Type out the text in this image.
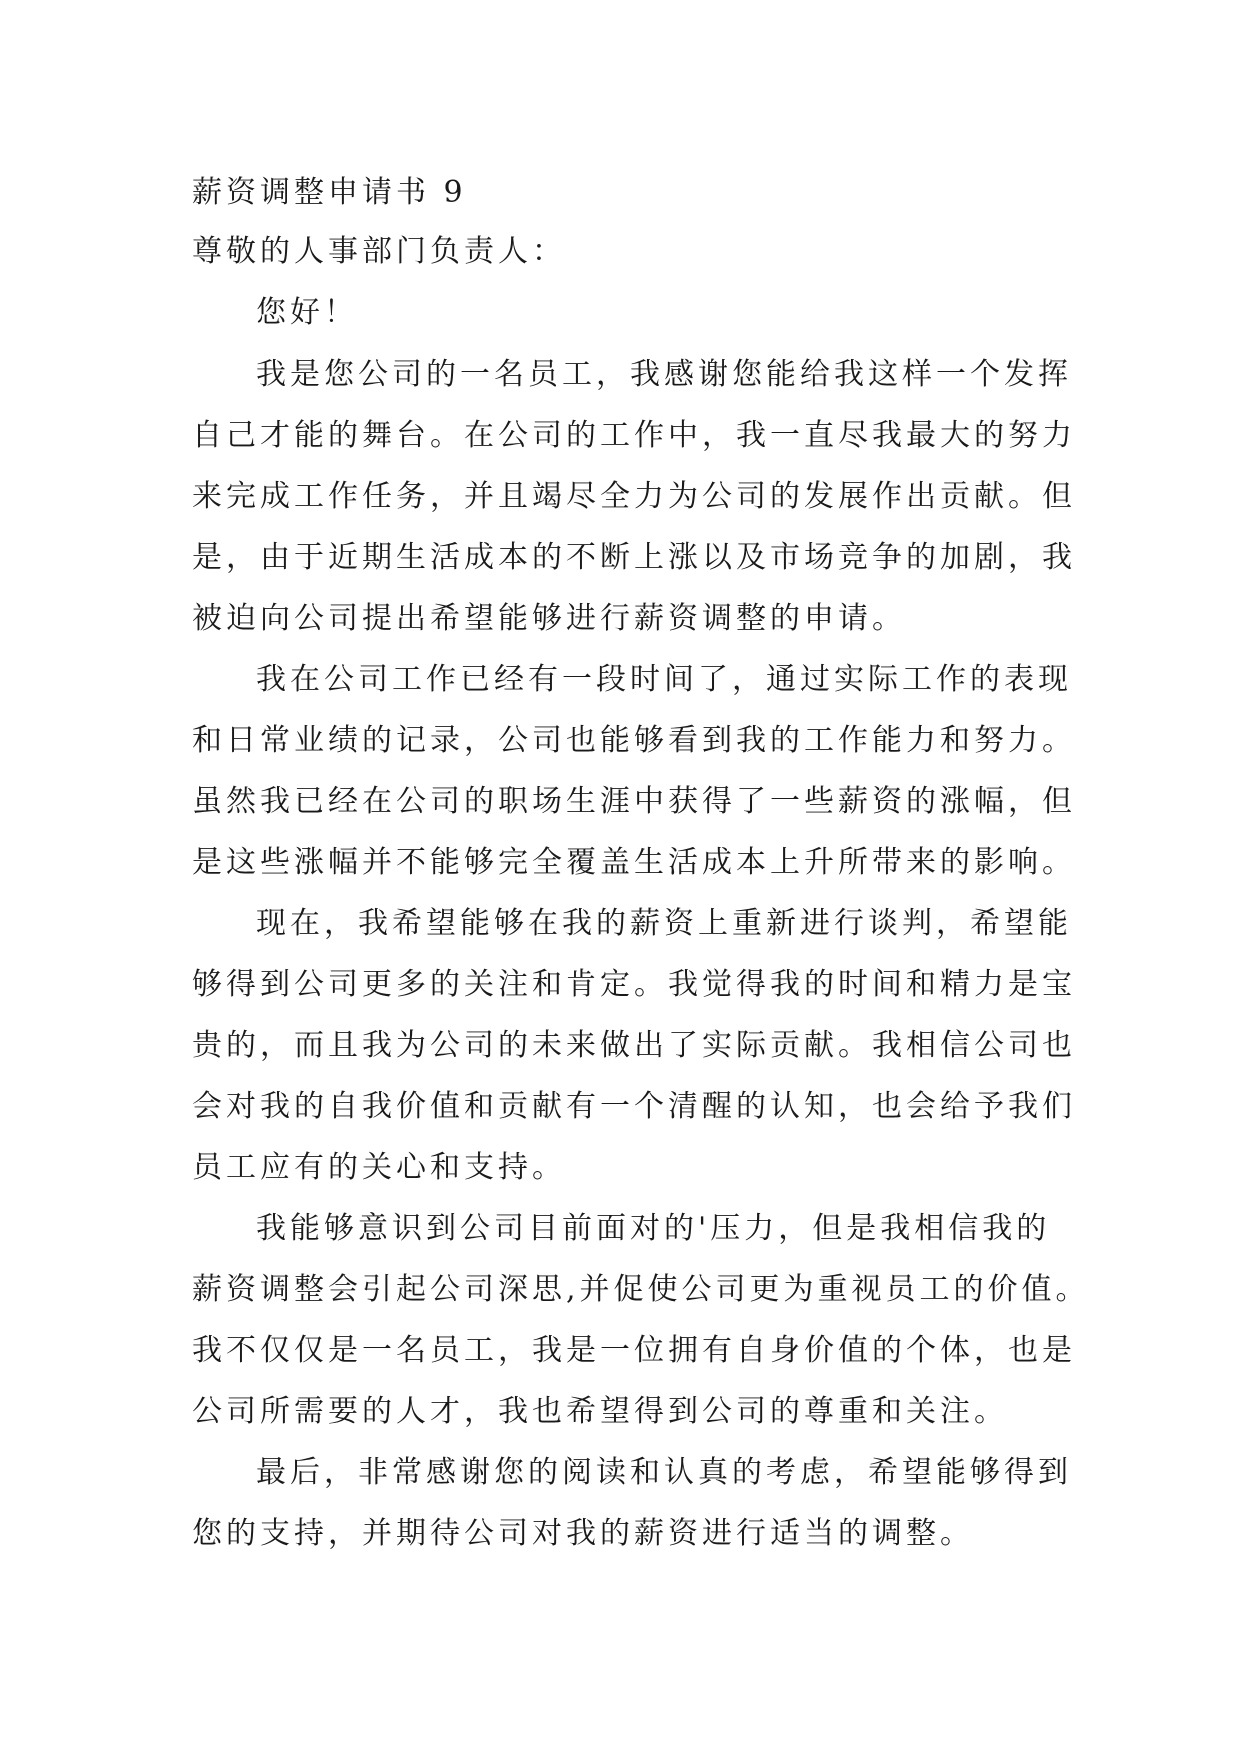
薪资调整申请书 9

尊敬的人事部门负责人：

您好！

我是您公司的一名员工，我感谢您能给我这样一个发挥

自己才能的舞台。在公司的工作中，我一直尽我最大的努力

来完成工作任务，并且竭尽全力为公司的发展作出贡献。但

是，由于近期生活成本的不断上涨以及市场竞争的加剧，我

被迫向公司提出希望能够进行薪资调整的申请。

我在公司工作已经有一段时间了，通过实际工作的表现

和日常业绩的记录，公司也能够看到我的工作能力和努力。

虽然我已经在公司的职场生涯中获得了一些薪资的涨幅，但

是这些涨幅并不能够完全覆盖生活成本上升所带来的影响。

现在，我希望能够在我的薪资上重新进行谈判，希望能

够得到公司更多的关注和肯定。我觉得我的时间和精力是宝

贵的，而且我为公司的未来做出了实际贡献。我相信公司也

会对我的自我价值和贡献有一个清醒的认知，也会给予我们

员工应有的关心和支持。

我能够意识到公司目前面对的'压力，但是我相信我的

薪资调整会引起公司深思,并促使公司更为重视员工的价值。

我不仅仅是一名员工，我是一位拥有自身价值的个体，也是

公司所需要的人才，我也希望得到公司的尊重和关注。

最后，非常感谢您的阅读和认真的考虑，希望能够得到

您的支持，并期待公司对我的薪资进行适当的调整。
